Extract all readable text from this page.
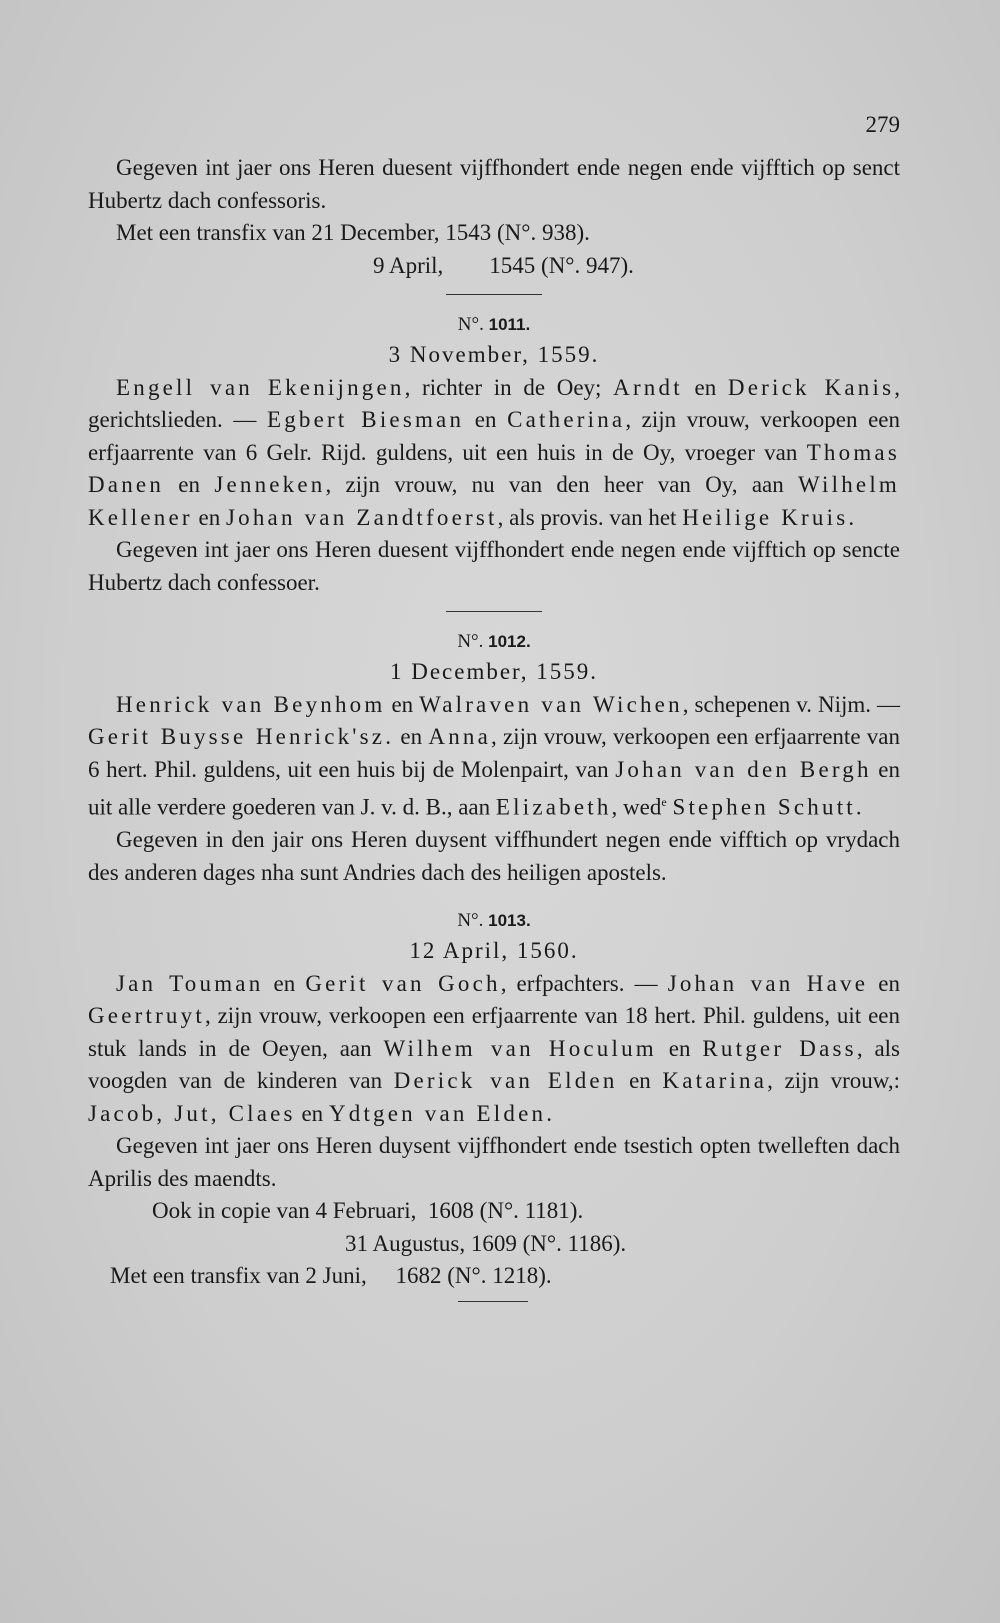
279

Gegeven int jaer ons Heren duesent vijffhondert ende negen ende vijfftich op senct Hubertz dach confessoris.

Met een transfix van 21 December, 1543 (N°. 938).
9 April,        1545 (N°. 947).
N°. 1011.
3 November, 1559.

Engell van Ekenijngen, richter in de Oey; Arndt en Derick Kanis, gerichtslieden. — Egbert Biesman en Catherina, zijn vrouw, verkoopen een erfjaarrente van 6 Gelr. Rijd. guldens, uit een huis in de Oy, vroeger van Thomas Danen en Jenneken, zijn vrouw, nu van den heer van Oy, aan Wilhelm Kellener en Johan van Zandtfoerst, als provis. van het Heilige Kruis.

Gegeven int jaer ons Heren duesent vijffhondert ende negen ende vijfftich op sencte Hubertz dach confessoer.

N°. 1012.
1 December, 1559.

Henrick van Beynhom en Walraven van Wichen, schepenen v. Nijm. — Gerit Buysse Henrick'sz. en Anna, zijn vrouw, verkoopen een erfjaarrente van 6 hert. Phil. guldens, uit een huis bij de Molenpairt, van Johan van den Bergh en uit alle verdere goederen van J. v. d. B., aan Elizabeth, wed$^e$ Stephen Schutt.

Gegeven in den jair ons Heren duysent viffhundert negen ende vifftich op vrydach des anderen dages nha sunt Andries dach des heiligen apostels.

N°. 1013.
12 April, 1560.

Jan Touman en Gerit van Goch, erfpachters. — Johan van Have en Geertruyt, zijn vrouw, verkoopen een erfjaarrente van 18 hert. Phil. guldens, uit een stuk lands in de Oeyen, aan Wilhem van Hoculum en Rutger Dass, als voogden van de kinderen van Derick van Elden en Katarina, zijn vrouw,: Jacob, Jut, Claes en Ydtgen van Elden.

Gegeven int jaer ons Heren duysent vijffhondert ende tsestich opten twelleften dach Aprilis des maendts.

Ook in copie van 4 Februari,  1608 (N°. 1181).
31 Augustus, 1609 (N°. 1186).
Met een transfix van 2 Juni,     1682 (N°. 1218).
